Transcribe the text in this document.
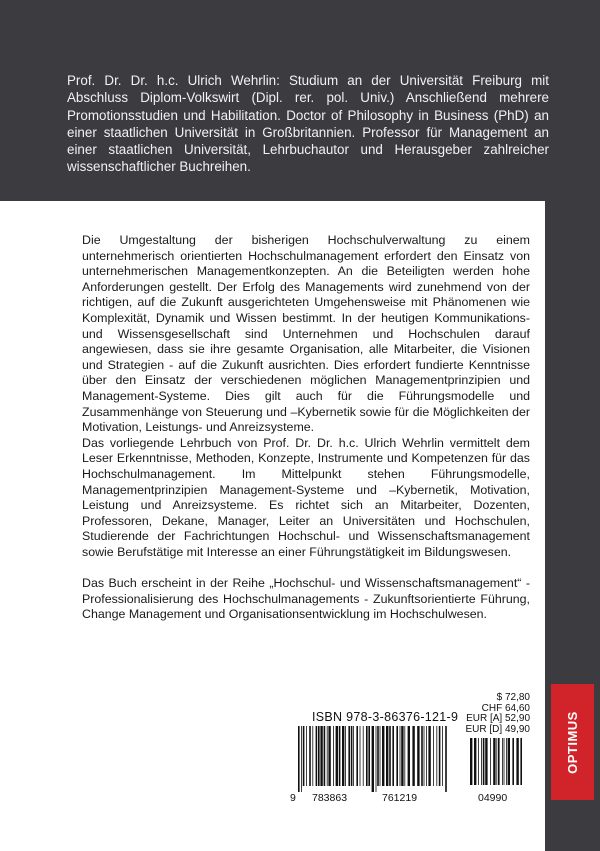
Prof. Dr. Dr. h.c. Ulrich Wehrlin: Studium an der Universität Freiburg mit Abschluss Diplom-Volkswirt (Dipl. rer. pol. Univ.) Anschließend mehrere Promotionsstudien und Habilitation. Doctor of Philosophy in Business (PhD) an einer staatlichen Universität in Großbritannien. Professor für Management an einer staatlichen Universität, Lehrbuchautor und Herausgeber zahlreicher wissenschaftlicher Buchreihen.

Die Umgestaltung der bisherigen Hochschulverwaltung zu einem unternehmerisch orientierten Hochschulmanagement erfordert den Einsatz von unternehmerischen Managementkonzepten. An die Beteiligten werden hohe Anforderungen gestellt. Der Erfolg des Managements wird zunehmend von der richtigen, auf die Zukunft ausgerichteten Umgehensweise mit Phänomenen wie Komplexität, Dynamik und Wissen bestimmt. In der heutigen Kommunikations- und Wissensgesellschaft sind Unternehmen und Hochschulen darauf angewiesen, dass sie ihre gesamte Organisation, alle Mitarbeiter, die Visionen und Strategien - auf die Zukunft ausrichten. Dies erfordert fundierte Kenntnisse über den Einsatz der verschiedenen möglichen Managementprinzipien und Management-Systeme. Dies gilt auch für die Führungsmodelle und Zusammenhänge von Steuerung und –Kybernetik sowie für die Möglichkeiten der Motivation, Leistungs- und Anreizsysteme.

Das vorliegende Lehrbuch von Prof. Dr. Dr. h.c. Ulrich Wehrlin vermittelt dem Leser Erkenntnisse, Methoden, Konzepte, Instrumente und Kompetenzen für das Hochschulmanagement. Im Mittelpunkt stehen Führungsmodelle, Managementprinzipien Management-Systeme und –Kybernetik, Motivation, Leistung und Anreizsysteme. Es richtet sich an Mitarbeiter, Dozenten, Professoren, Dekane, Manager, Leiter an Universitäten und Hochschulen, Studierende der Fachrichtungen Hochschul- und Wissenschaftsmanagement sowie Berufstätige mit Interesse an einer Führungstätigkeit im Bildungswesen.

Das Buch erscheint in der Reihe „Hochschul- und Wissenschaftsmanagement“ - Professionalisierung des Hochschulmanagements - Zukunftsorientierte Führung, Change Management und Organisationsentwicklung im Hochschulwesen.

ISBN 978-3-86376-121-9
$ 72,80
CHF 64,60
EUR [A] 52,90
EUR [D] 49,90
9 783863	761219	04990
OPTIMUS
